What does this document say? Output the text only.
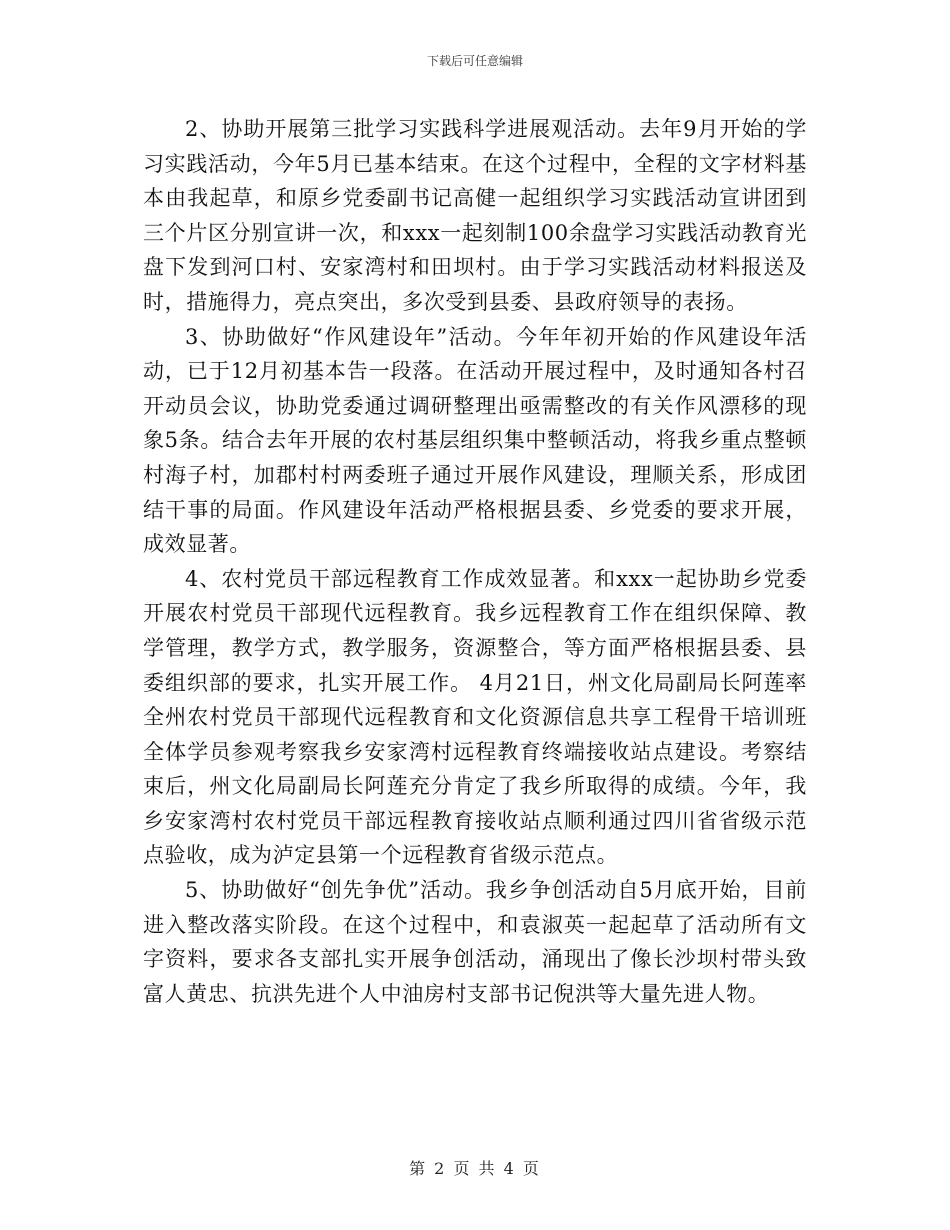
下载后可任意编辑

2、协助开展第三批学习实践科学进展观活动。去年9月开始的学习实践活动，今年5月已基本结束。在这个过程中，全程的文字材料基本由我起草，和原乡党委副书记高健一起组织学习实践活动宣讲团到三个片区分别宣讲一次，和xxx一起刻制100余盘学习实践活动教育光盘下发到河口村、安家湾村和田坝村。由于学习实践活动材料报送及时，措施得力，亮点突出，多次受到县委、县政府领导的表扬。

3、协助做好“作风建设年”活动。今年年初开始的作风建设年活动，已于12月初基本告一段落。在活动开展过程中，及时通知各村召开动员会议，协助党委通过调研整理出亟需整改的有关作风漂移的现象5条。结合去年开展的农村基层组织集中整顿活动，将我乡重点整顿村海子村，加郡村村两委班子通过开展作风建设，理顺关系，形成团结干事的局面。作风建设年活动严格根据县委、乡党委的要求开展，成效显著。

4、农村党员干部远程教育工作成效显著。和xxx一起协助乡党委开展农村党员干部现代远程教育。我乡远程教育工作在组织保障、教学管理，教学方式，教学服务，资源整合，等方面严格根据县委、县委组织部的要求，扎实开展工作。 4月21日，州文化局副局长阿莲率全州农村党员干部现代远程教育和文化资源信息共享工程骨干培训班全体学员参观考察我乡安家湾村远程教育终端接收站点建设。考察结束后，州文化局副局长阿莲充分肯定了我乡所取得的成绩。今年，我乡安家湾村农村党员干部远程教育接收站点顺利通过四川省省级示范点验收，成为泸定县第一个远程教育省级示范点。

5、协助做好“创先争优”活动。我乡争创活动自5月底开始，目前进入整改落实阶段。在这个过程中，和袁淑英一起起草了活动所有文字资料，要求各支部扎实开展争创活动，涌现出了像长沙坝村带头致富人黄忠、抗洪先进个人中油房村支部书记倪洪等大量先进人物。

第 2 页 共 4 页
